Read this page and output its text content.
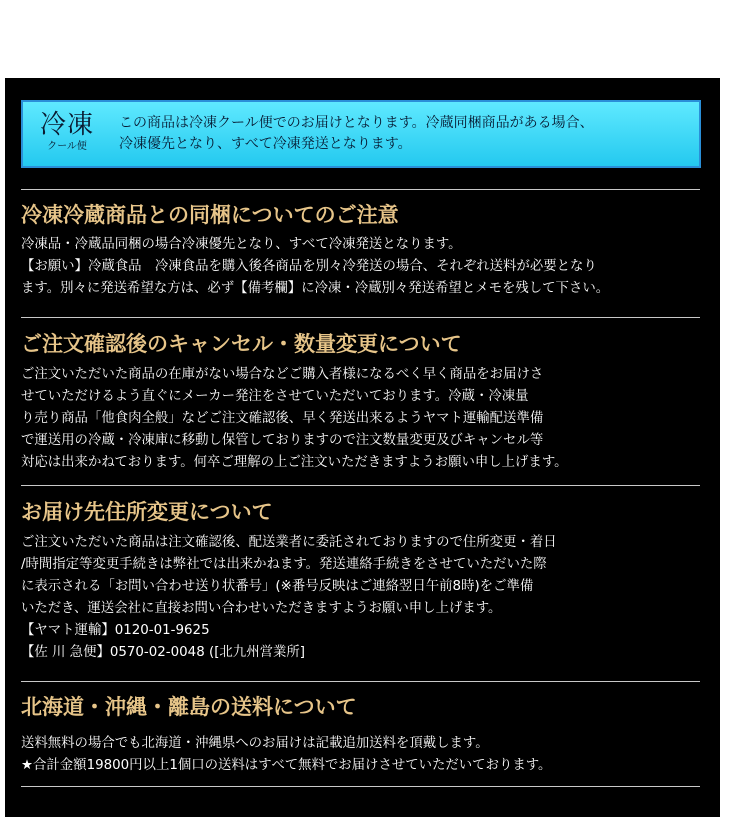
冷凍
クール便
この商品は冷凍クール便でのお届けとなります。冷蔵同梱商品がある場合、
冷凍優先となり、すべて冷凍発送となります。
冷凍冷蔵商品との同梱についてのご注意

冷凍品・冷蔵品同梱の場合冷凍優先となり、すべて冷凍発送となります。

【お願い】冷蔵食品　冷凍食品を購入後各商品を別々冷発送の場合、それぞれ送料が必要となり

ます。別々に発送希望な方は、必ず【備考欄】に冷凍・冷蔵別々発送希望とメモを残して下さい。

ご注文確認後のキャンセル・数量変更について

ご注文いただいた商品の在庫がない場合などご購入者様になるべく早く商品をお届けさ

せていただけるよう直ぐにメーカー発注をさせていただいております。冷蔵・冷凍量

り売り商品「他食肉全般」などご注文確認後、早く発送出来るようヤマト運輸配送準備

で運送用の冷蔵・冷凍庫に移動し保管しておりますので注文数量変更及びキャンセル等

対応は出来かねております。何卒ご理解の上ご注文いただきますようお願い申し上げます。

お届け先住所変更について

ご注文いただいた商品は注文確認後、配送業者に委託されておりますので住所変更・着日

/時間指定等変更手続きは弊社では出来かねます。発送連絡手続きをさせていただいた際

に表示される「お問い合わせ送り状番号」(※番号反映はご連絡翌日午前8時)をご準備

いただき、運送会社に直接お問い合わせいただきますようお願い申し上げます。

【ヤマト運輸】0120-01-9625

【佐 川 急便】0570-02-0048 ([北九州営業所]

北海道・沖縄・離島の送料について

送料無料の場合でも北海道・沖縄県へのお届けは記載追加送料を頂戴します。

★合計金額19800円以上1個口の送料はすべて無料でお届けさせていただいております。
